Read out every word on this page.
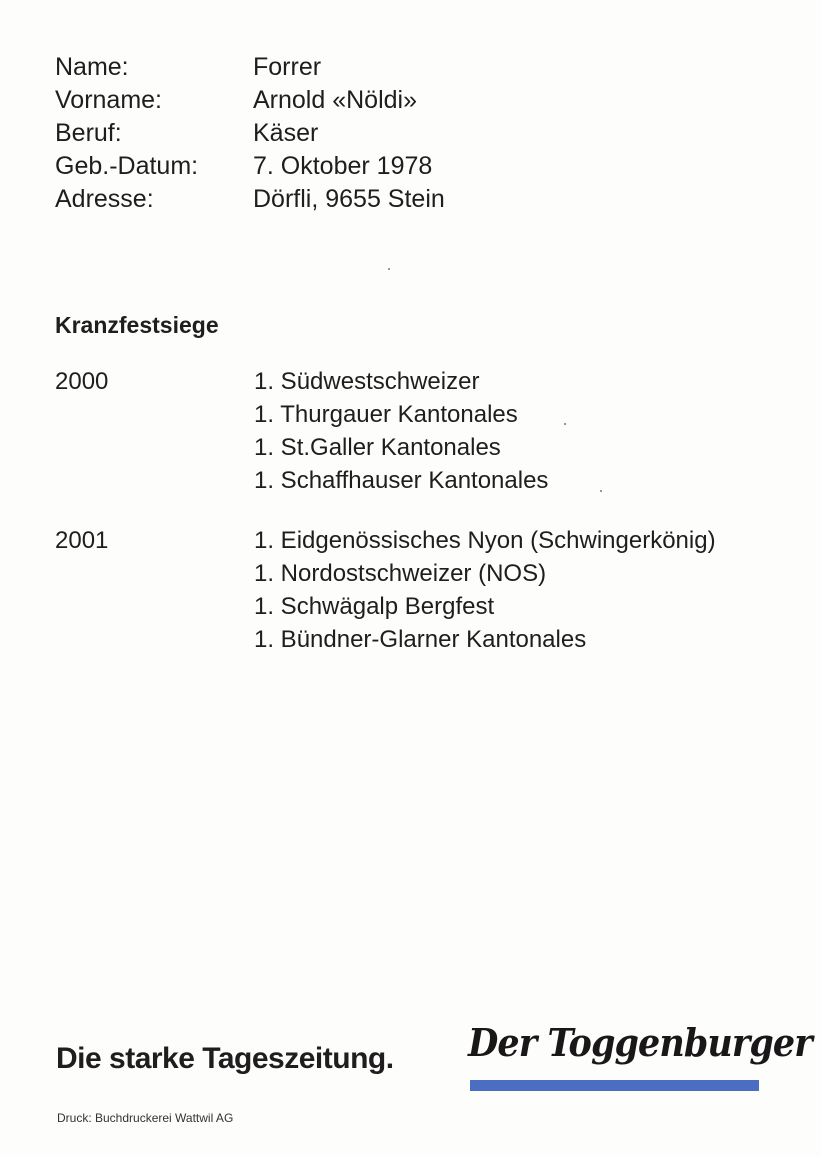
Name:	Forrer
Vorname:	Arnold «Nöldi»
Beruf:	Käser
Geb.-Datum: 7. Oktober 1978
Adresse:	Dörfli, 9655 Stein
Kranzfestsiege
2000	1. Südwestschweizer
1. Thurgauer Kantonales
1. St.Galler Kantonales
1. Schaffhauser Kantonales
2001	1. Eidgenössisches Nyon (Schwingerkönig)
1. Nordostschweizer (NOS)
1. Schwägalp Bergfest
1. Bündner-Glarner Kantonales
Die starke Tageszeitung. Der Toggenburger
Druck: Buchdruckerei Wattwil AG
